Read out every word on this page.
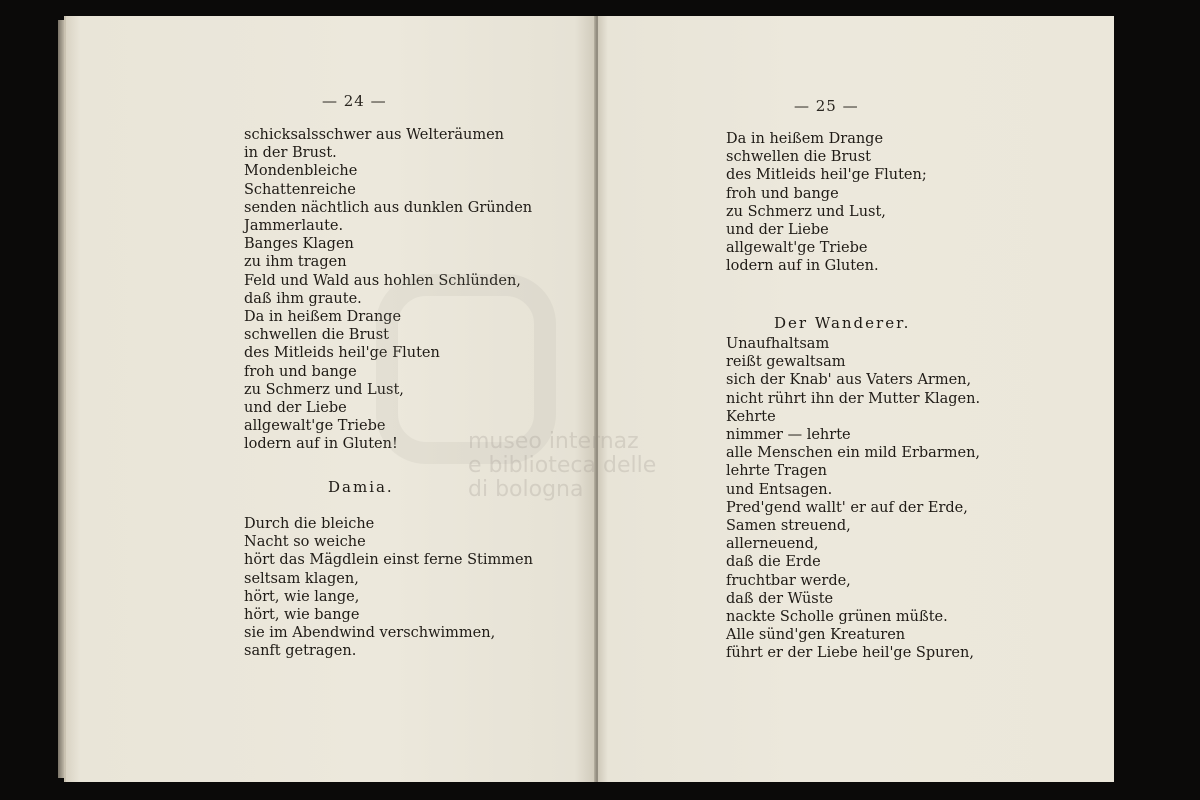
— 24 —
schicksalsschwer aus Welteräumen
in der Brust.
Mondenbleiche
Schattenreiche
senden nächtlich aus dunklen Gründen
Jammerlaute.
Banges Klagen
zu ihm tragen
Feld und Wald aus hohlen Schlünden,
daß ihm graute.
Da in heißem Drange
schwellen die Brust
des Mitleids heil'ge Fluten
froh und bange
zu Schmerz und Lust,
und der Liebe
allgewalt'ge Triebe
lodern auf in Gluten!
Damia.
Durch die bleiche
Nacht so weiche
hört das Mägdlein einst ferne Stimmen
seltsam klagen,
hört, wie lange,
hört, wie bange
sie im Abendwind verschwimmen,
sanft getragen.
— 25 —
Da in heißem Drange
schwellen die Brust
des Mitleids heil'ge Fluten;
froh und bange
zu Schmerz und Lust,
und der Liebe
allgewalt'ge Triebe
lodern auf in Gluten.
Der Wanderer.
Unaufhaltsam
reißt gewaltsam
sich der Knab' aus Vaters Armen,
nicht rührt ihn der Mutter Klagen.
Kehrte
nimmer — lehrte
alle Menschen ein mild Erbarmen,
lehrte Tragen
und Entsagen.
Pred'gend wallt' er auf der Erde,
Samen streuend,
allerneuend,
daß die Erde
fruchtbar werde,
daß der Wüste
nackte Scholle grünen müßte.
Alle sünd'gen Kreaturen
führt er der Liebe heil'ge Spuren,
museo internaz
e biblioteca delle
di bologna
